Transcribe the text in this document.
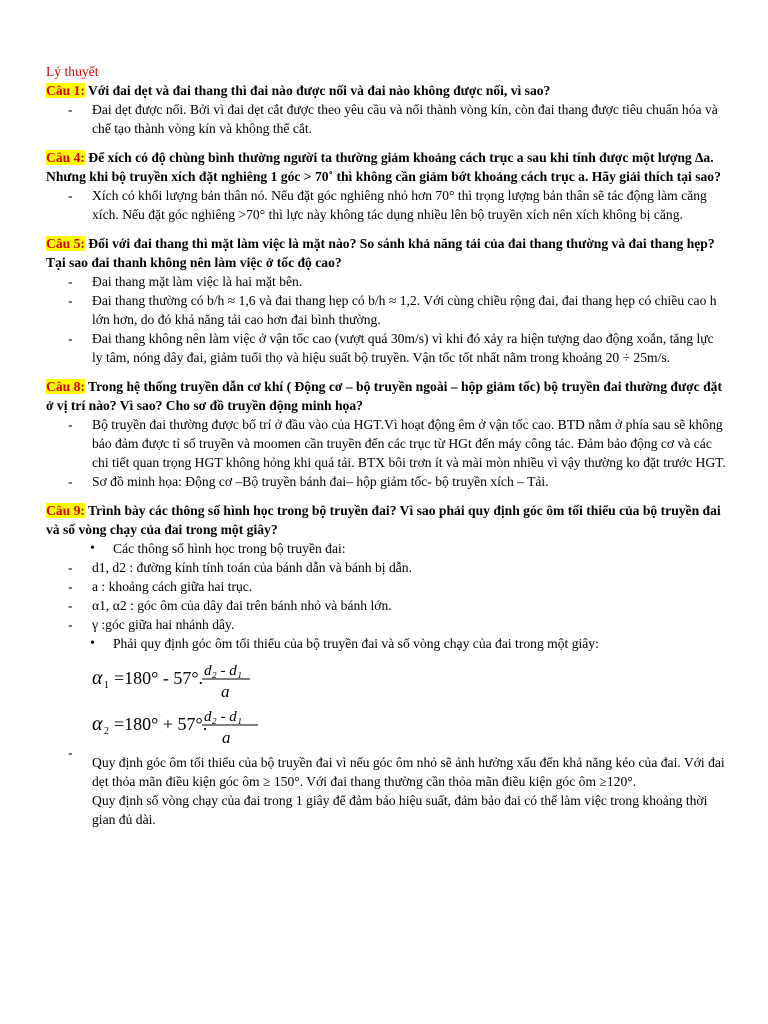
Lý thuyết
Câu 1: Với đai dẹt và đai thang thì đai nào được nối và đai nào không được nối, vì sao?
- Đai dẹt được nối. Bởi vì đai dẹt cắt được theo yêu cầu và nối thành vòng kín, còn đai thang được tiêu chuẩn hóa và chế tạo thành vòng kín và không thể cắt.
Câu 4: Để xích có độ chùng bình thường người ta thường giảm khoảng cách trục a sau khi tính được một lượng ∆a. Nhưng khi bộ truyền xích đặt nghiêng 1 góc > 70˚ thì không cần giảm bớt khoảng cách trục a. Hãy giải thích tại sao?
- Xích có khối lượng bản thân nó. Nếu đặt góc nghiêng nhỏ hơn 70° thì trọng lượng bản thân sẽ tác động làm căng xích. Nếu đặt góc nghiêng >70° thì lực này không tác dụng nhiều lên bộ truyền xích nên xích không bị căng.
Câu 5: Đối với đai thang thì mặt làm việc là mặt nào? So sánh khả năng tải của đai thang thường và đai thang hẹp?Tại sao đai thanh không nên làm việc ở tốc độ cao?
- Đai thang mặt làm việc là hai mặt bên.
- Đai thang thường có b/h ≈ 1,6 và đai thang hẹp có b/h ≈ 1,2. Với cùng chiều rộng đai, đai thang hẹp có chiều cao h lớn hơn, do đó khả năng tải cao hơn đai bình thường.
- Đai thang không nên làm việc ở vận tốc cao (vượt quá 30m/s) vì khi đó xảy ra hiện tượng dao động xoắn, tăng lực ly tâm, nóng dây đai, giảm tuổi thọ và hiệu suất bộ truyền. Vận tốc tốt nhất nằm trong khoảng 20 ÷ 25m/s.
Câu 8: Trong hệ thống truyền dẫn cơ khí ( Động cơ – bộ truyền ngoài – hộp giảm tốc) bộ truyền đai thường được đặt ở vị trí nào? Vì sao? Cho sơ đồ truyền động minh họa?
- Bộ truyền đai thường được bố trí ở đầu vào của HGT.Vì hoạt động êm ở vận tốc cao. BTD nằm ở phía sau sẽ không bảo đảm được tỉ số truyền và moomen cần truyền đến các trục từ HGt đến máy công tác. Đảm bảo động cơ và các chi tiết quan trọng HGT không hỏng khi quá tải. BTX bôi trơn ít và mài mòn nhiều vì vậy thường ko đặt trước HGT.
- Sơ đồ minh họa: Động cơ –Bộ truyền bánh đai– hộp giảm tốc- bộ truyền xích – Tải.
Câu 9: Trình bày các thông số hình học trong bộ truyền đai? Vì sao phải quy định góc ôm tối thiểu của bộ truyền đai và số vòng chạy của đai trong một giây?
• Các thông số hình học trong bộ truyền đai:
- d1, d2 : đường kính tính toán của bánh dẫn và bánh bị dẫn.
- a : khoảng cách giữa hai trục.
- α1, α2 : góc ôm của dây đai trên bánh nhỏ và bánh lớn.
- γ :góc giữa hai nhánh dây.
• Phải quy định góc ôm tối thiểu của bộ truyền đai và số vòng chạy của đai trong một giây:
α 1 =180° - 57°. d₂ - d₁
a
α 2 =180° + 57°.
d₂ - d₁
a
-
Quy định góc ôm tối thiểu của bộ truyền đai vì nếu góc ôm nhỏ sẽ ảnh hưởng xấu đến khả năng kéo của đai. Với đai dẹt thỏa mãn điều kiện góc ôm ≥ 150°. Với đai thang thường cần thỏa mãn điều kiện góc ôm ≥120°.
Quy định số vòng chạy của đai trong 1 giây để đảm bảo hiệu suất, đảm bảo đai có thể làm việc trong khoảng thời gian đủ dài.
